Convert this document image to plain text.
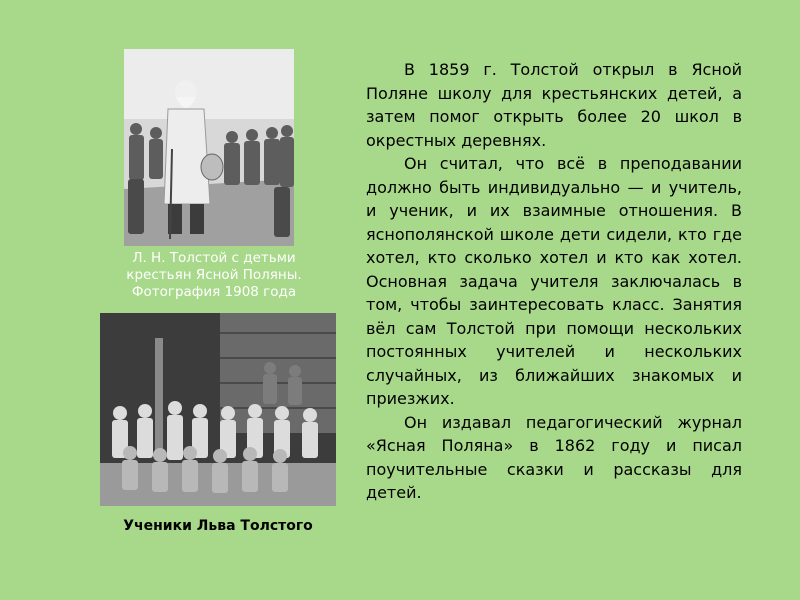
Л. Н. Толстой с детьми крестьян Ясной Поляны. Фотография 1908 года
Ученики Льва Толстого

В 1859 г. Толстой открыл в Ясной Поляне школу для крестьянских детей, а затем помог открыть более 20 школ в окрестных деревнях.

Он считал, что всё в преподавании должно быть индивидуально — и учитель, и ученик, и их взаимные отношения. В яснополянской школе дети сидели, кто где хотел, кто сколько хотел и кто как хотел. Основная задача учителя заключалась в том, чтобы заинтересовать класс. Занятия вёл сам Толстой при помощи нескольких постоянных учителей и нескольких случайных, из ближайших знакомых и приезжих.

Он издавал педагогический журнал «Ясная Поляна» в 1862 году и писал поучительные сказки и рассказы для детей.
